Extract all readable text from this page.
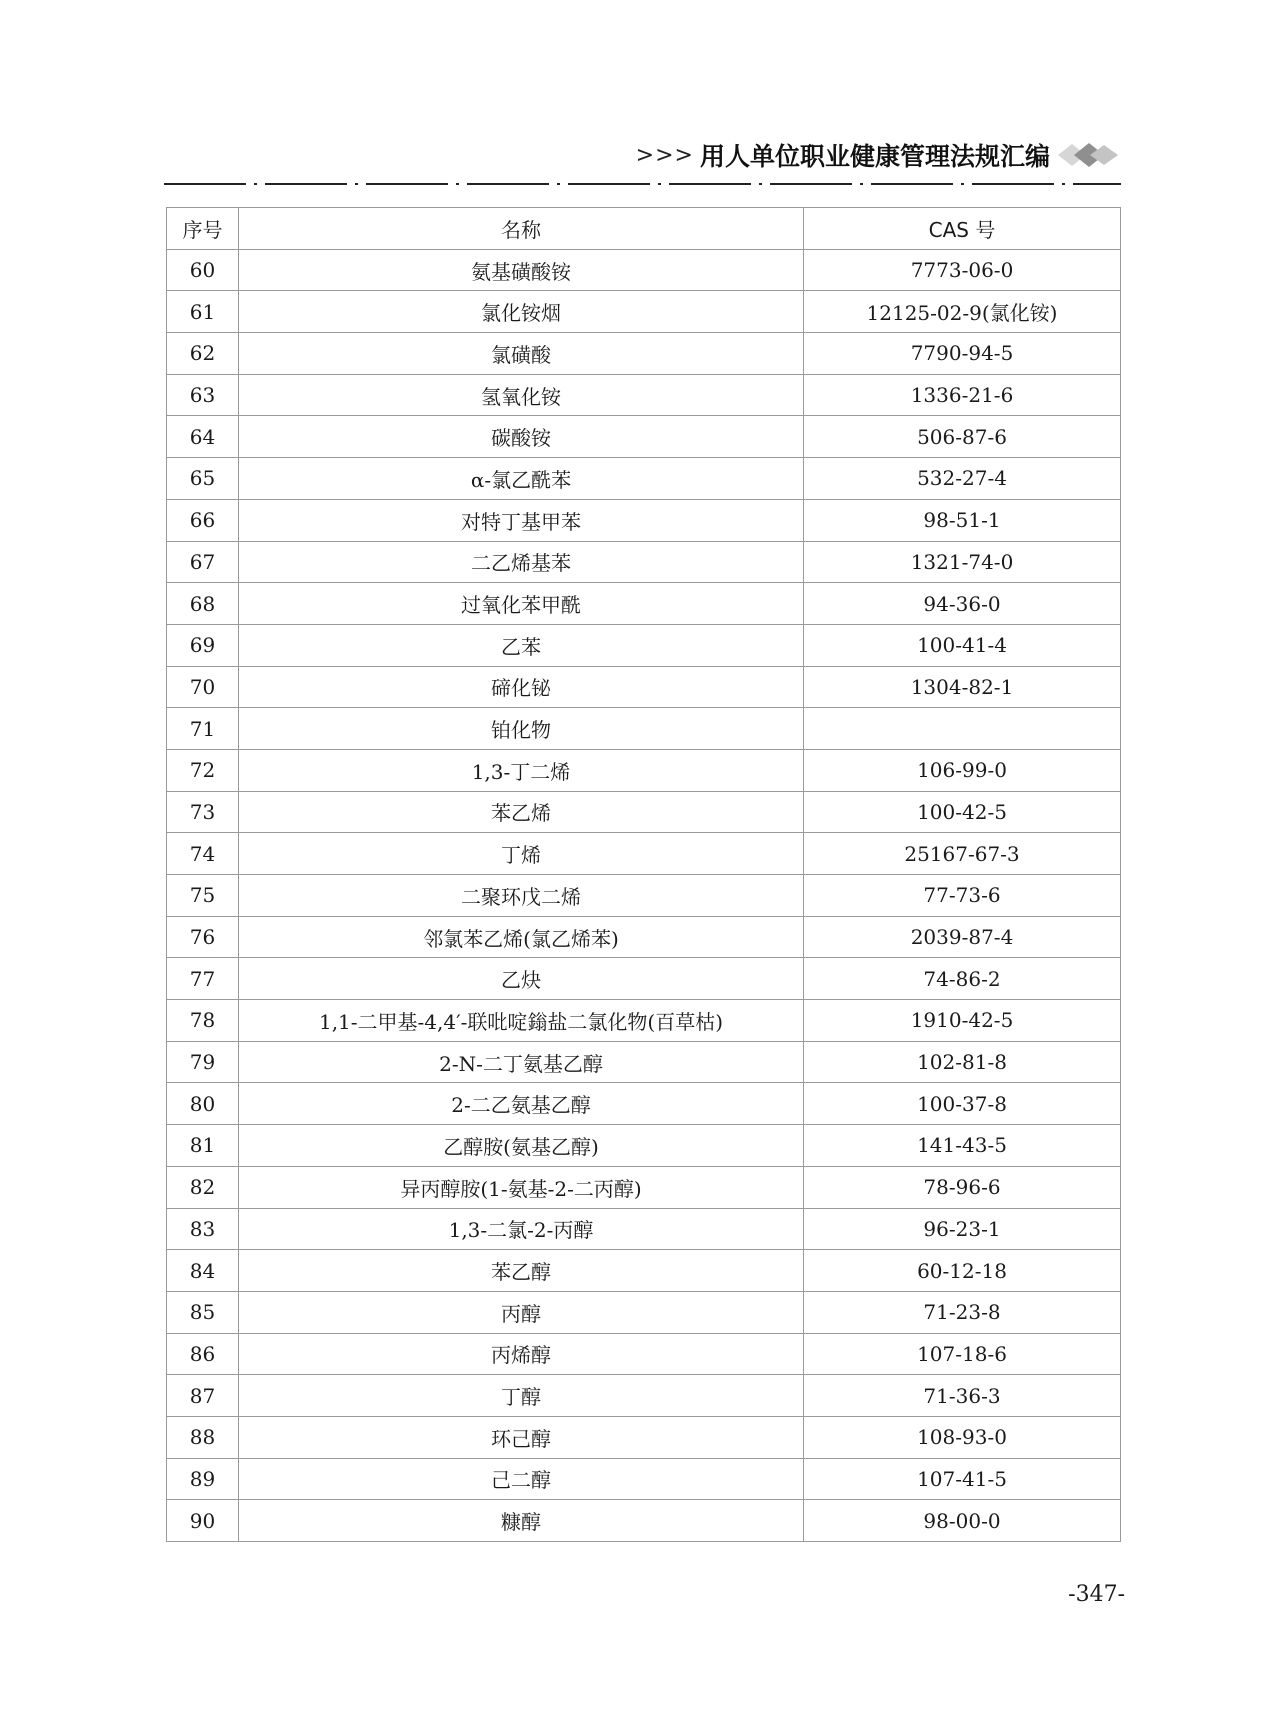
>>> 用人单位职业健康管理法规汇编
序号	名称	CAS 号
60	氨基磺酸铵	7773-06-0
61	氯化铵烟	12125-02-9(氯化铵)
62	氯磺酸	7790-94-5
63	氢氧化铵	1336-21-6
64	碳酸铵	506-87-6
65	α-氯乙酰苯	532-27-4
66	对特丁基甲苯	98-51-1
67	二乙烯基苯	1321-74-0
68	过氧化苯甲酰	94-36-0
69	乙苯	100-41-4
70	碲化铋	1304-82-1
71	铂化物	
72	1,3-丁二烯	106-99-0
73	苯乙烯	100-42-5
74	丁烯	25167-67-3
75	二聚环戊二烯	77-73-6
76	邻氯苯乙烯(氯乙烯苯)	2039-87-4
77	乙炔	74-86-2
78	1,1-二甲基-4,4′-联吡啶鎓盐二氯化物(百草枯)	1910-42-5
79	2-N-二丁氨基乙醇	102-81-8
80	2-二乙氨基乙醇	100-37-8
81	乙醇胺(氨基乙醇)	141-43-5
82	异丙醇胺(1-氨基-2-二丙醇)	78-96-6
83	1,3-二氯-2-丙醇	96-23-1
84	苯乙醇	60-12-18
85	丙醇	71-23-8
86	丙烯醇	107-18-6
87	丁醇	71-36-3
88	环己醇	108-93-0
89	己二醇	107-41-5
90	糠醇	98-00-0
-347-
